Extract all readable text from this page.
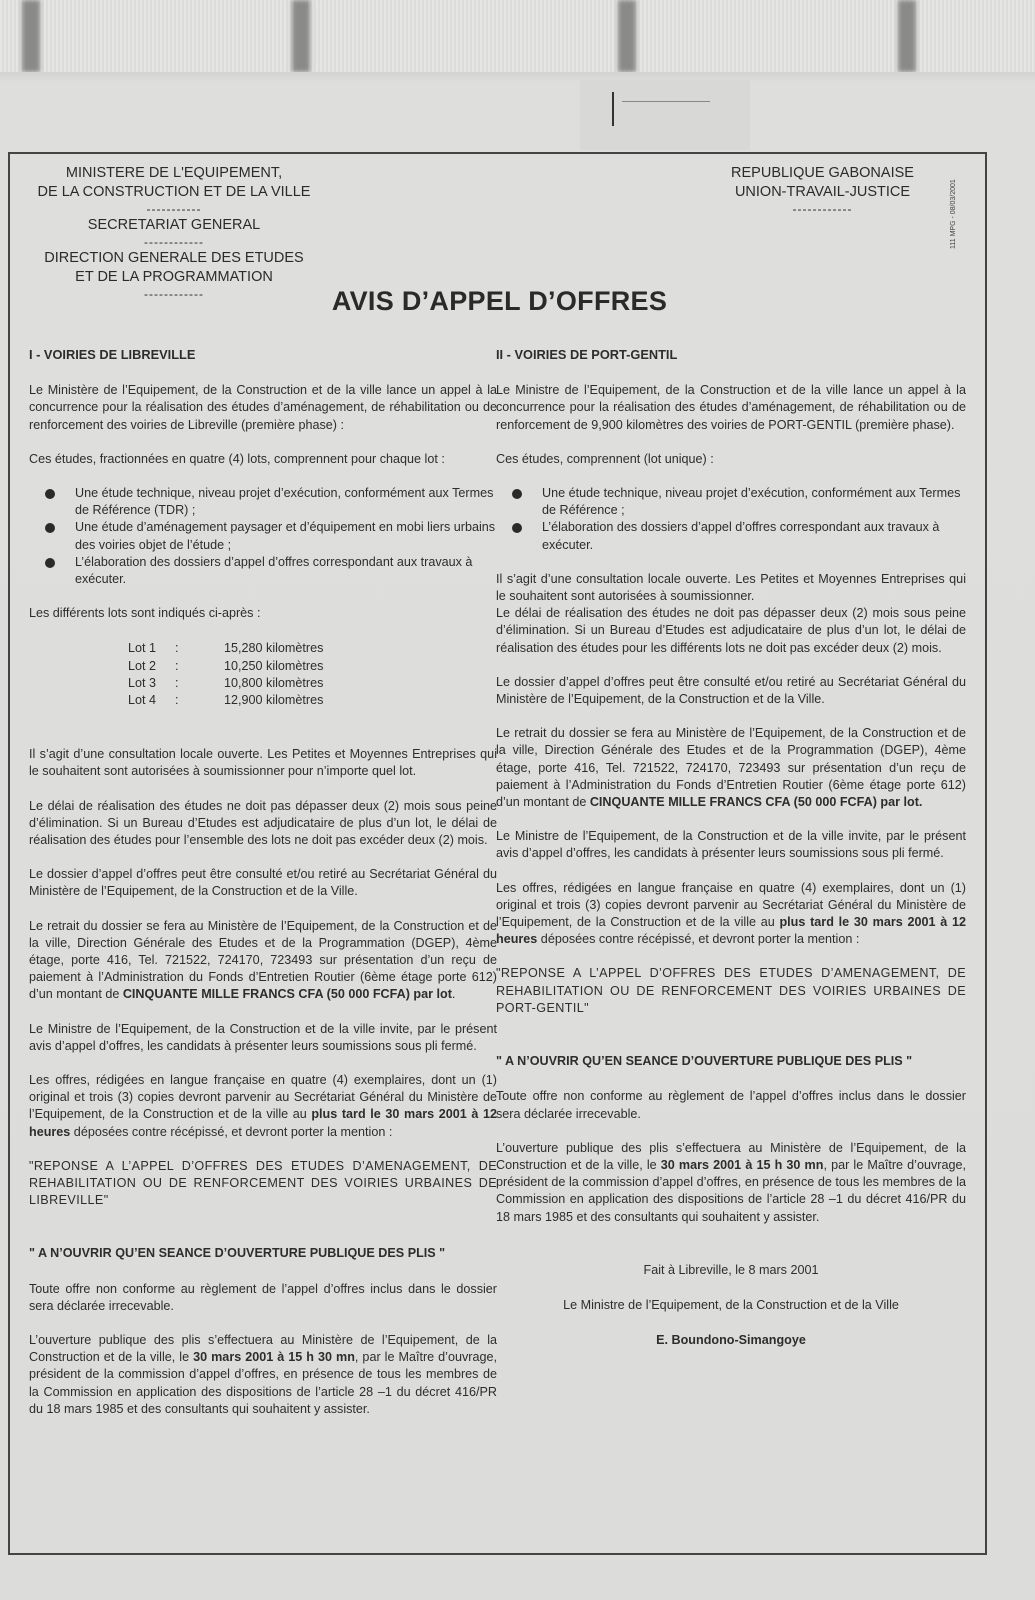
MINISTERE DE L'EQUIPEMENT,
DE LA CONSTRUCTION ET DE LA VILLE
-----------
SECRETARIAT GENERAL
------------
DIRECTION GENERALE DES ETUDES
ET DE LA PROGRAMMATION
------------
REPUBLIQUE GABONAISE
UNION-TRAVAIL-JUSTICE
------------	111 MPG - 08/03/2001
AVIS D’APPEL D’OFFRES
I - VOIRIES DE LIBREVILLE

Le Ministère de l’Equipement, de la Construction et de la ville lance un appel à la concurrence pour la réalisation des études d’aménagement, de réhabilitation ou de renforcement des voiries de Libreville (première phase) :

Ces études, fractionnées en quatre (4) lots, comprennent pour chaque lot :

Une étude technique, niveau projet d’exécution, conformément aux Termes de Référence (TDR) ;
Une étude d’aménagement paysager et d’équipement en mobi liers urbains des voiries objet de l’étude ;
L’élaboration des dossiers d’appel d’offres correspondant aux travaux à exécuter.

Les différents lots sont indiqués ci-après :

Lot 1	:	15,280 kilomètres
Lot 2	:	10,250 kilomètres
Lot 3	:	10,800 kilomètres
Lot 4	:	12,900 kilomètres

Il s’agit d’une consultation locale ouverte. Les Petites et Moyennes Entreprises qui le souhaitent sont autorisées à soumissionner pour n’importe quel lot.

Le délai de réalisation des études ne doit pas dépasser deux (2) mois sous peine d’élimination. Si un Bureau d’Etudes est adjudicataire de plus d’un lot, le délai de réalisation des études pour l’ensemble des lots ne doit pas excéder deux (2) mois.

Le dossier d’appel d’offres peut être consulté et/ou retiré au Secrétariat Général du Ministère de l’Equipement, de la Construction et de la Ville.

Le retrait du dossier se fera au Ministère de l’Equipement, de la Construction et de la ville, Direction Générale des Etudes et de la Programmation (DGEP), 4ème étage, porte 416, Tel. 721522, 724170, 723493 sur présentation d’un reçu de paiement à l’Administration du Fonds d’Entretien Routier (6ème étage porte 612) d’un montant de CINQUANTE MILLE FRANCS CFA (50 000 FCFA) par lot.

Le Ministre de l’Equipement, de la Construction et de la ville invite, par le présent avis d’appel d’offres, les candidats à présenter leurs soumissions sous pli fermé.

Les offres, rédigées en langue française en quatre (4) exemplaires, dont un (1) original et trois (3) copies devront parvenir au Secrétariat Général du Ministère de l’Equipement, de la Construction et de la ville au plus tard le 30 mars 2001 à 12 heures déposées contre récépissé, et devront porter la mention :

"REPONSE A L’APPEL D’OFFRES DES ETUDES D’AMENAGEMENT, DE REHABILITATION OU DE RENFORCEMENT DES VOIRIES URBAINES DE LIBREVILLE"

" A N’OUVRIR QU’EN SEANCE D’OUVERTURE PUBLIQUE DES PLIS "

Toute offre non conforme au règlement de l’appel d’offres inclus dans le dossier sera déclarée irrecevable.

L’ouverture publique des plis s’effectuera au Ministère de l’Equipement, de la Construction et de la ville, le 30 mars 2001 à 15 h 30 mn, par le Maître d’ouvrage, président de la commission d’appel d’offres, en présence de tous les membres de la Commission en application des dispositions de l’article 28 –1 du décret 416/PR du 18 mars 1985 et des consultants qui souhaitent y assister.

II - VOIRIES DE PORT-GENTIL

Le Ministre de l’Equipement, de la Construction et de la ville lance un appel à la concurrence pour la réalisation des études d’aménagement, de réhabilitation ou de renforcement de 9,900 kilomètres des voiries de PORT-GENTIL (première phase).

Ces études, comprennent (lot unique) :

Une étude technique, niveau projet d’exécution, conformément aux Termes de Référence ;
L’élaboration des dossiers d’appel d’offres correspondant aux travaux à exécuter.

Il s’agit d’une consultation locale ouverte. Les Petites et Moyennes Entreprises qui le souhaitent sont autorisées à soumissionner.

Le délai de réalisation des études ne doit pas dépasser deux (2) mois sous peine d’élimination. Si un Bureau d’Etudes est adjudicataire de plus d’un lot, le délai de réalisation des études pour les différents lots ne doit pas excéder deux (2) mois.

Le dossier d’appel d’offres peut être consulté et/ou retiré au Secrétariat Général du Ministère de l’Equipement, de la Construction et de la Ville.

Le retrait du dossier se fera au Ministère de l’Equipement, de la Construction et de la ville, Direction Générale des Etudes et de la Programmation (DGEP), 4ème étage, porte 416, Tel. 721522, 724170, 723493 sur présentation d’un reçu de paiement à l’Administration du Fonds d’Entretien Routier (6ème étage porte 612) d’un montant de CINQUANTE MILLE FRANCS CFA (50 000 FCFA) par lot.

Le Ministre de l’Equipement, de la Construction et de la ville invite, par le présent avis d’appel d’offres, les candidats à présenter leurs soumissions sous pli fermé.

Les offres, rédigées en langue française en quatre (4) exemplaires, dont un (1) original et trois (3) copies devront parvenir au Secrétariat Général du Ministère de l’Equipement, de la Construction et de la ville au plus tard le 30 mars 2001 à 12 heures déposées contre récépissé, et devront porter la mention :

"REPONSE A L’APPEL D’OFFRES DES ETUDES D’AMENAGEMENT, DE REHABILITATION OU DE RENFORCEMENT DES VOIRIES URBAINES DE PORT-GENTIL"

" A N’OUVRIR QU’EN SEANCE D’OUVERTURE PUBLIQUE DES PLIS "

Toute offre non conforme au règlement de l’appel d’offres inclus dans le dossier sera déclarée irrecevable.

L’ouverture publique des plis s’effectuera au Ministère de l’Equipement, de la Construction et de la ville, le 30 mars 2001 à 15 h 30 mn, par le Maître d’ouvrage, président de la commission d’appel d’offres, en présence de tous les membres de la Commission en application des dispositions de l’article 28 –1 du décret 416/PR du 18 mars 1985 et des consultants qui souhaitent y assister.

Fait à Libreville, le 8 mars 2001

Le Ministre de l’Equipement, de la Construction et de la Ville

E. Boundono-Simangoye
